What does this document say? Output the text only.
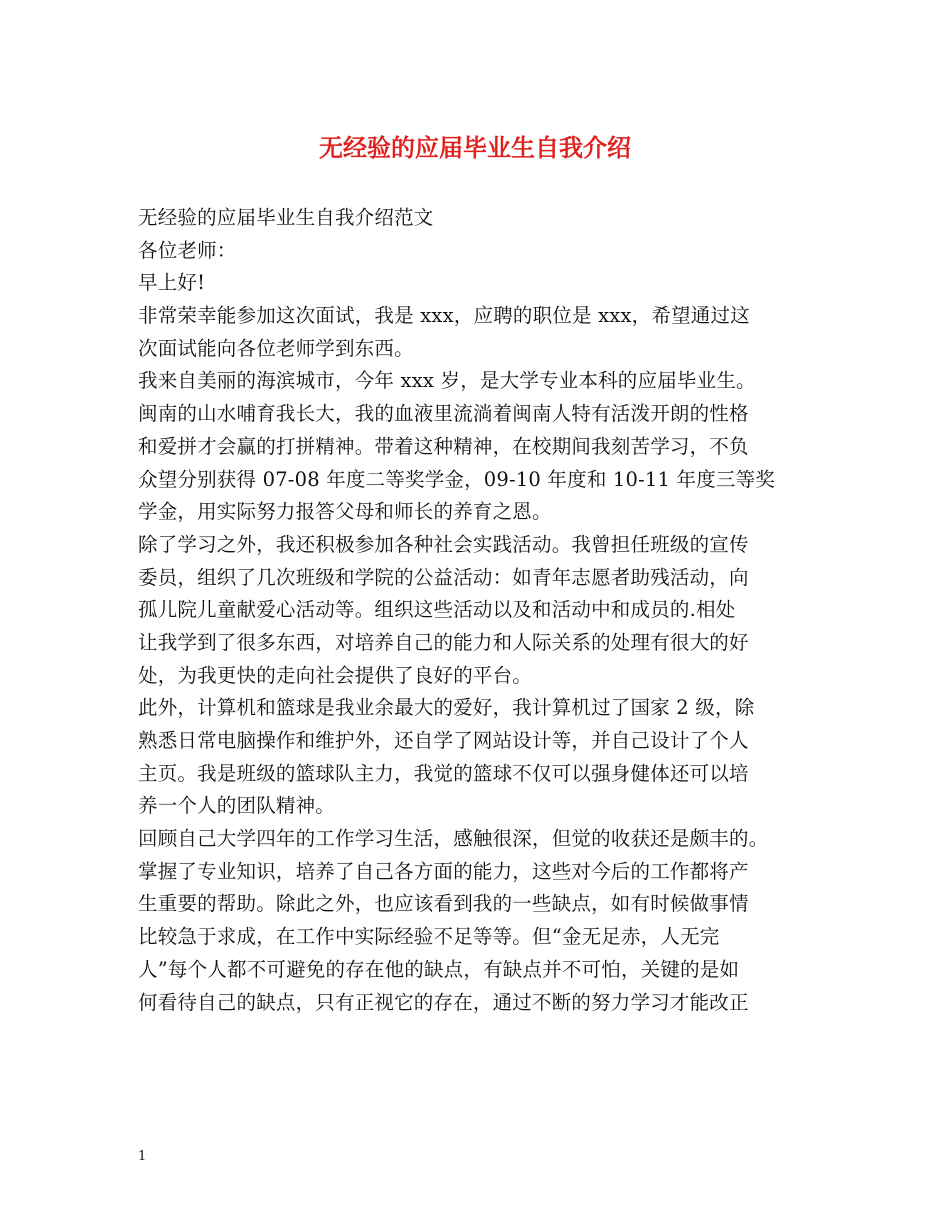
无经验的应届毕业生自我介绍
无经验的应届毕业生自我介绍范文
各位老师：
早上好!
非常荣幸能参加这次面试，我是 xxx，应聘的职位是 xxx，希望通过这
次面试能向各位老师学到东西。
我来自美丽的海滨城市，今年 xxx 岁，是大学专业本科的应届毕业生。
闽南的山水哺育我长大，我的血液里流淌着闽南人特有活泼开朗的性格
和爱拼才会赢的打拼精神。带着这种精神，在校期间我刻苦学习，不负
众望分别获得 07-08 年度二等奖学金，09-10 年度和 10-11 年度三等奖
学金，用实际努力报答父母和师长的养育之恩。
除了学习之外，我还积极参加各种社会实践活动。我曾担任班级的宣传
委员，组织了几次班级和学院的公益活动：如青年志愿者助残活动，向
孤儿院儿童献爱心活动等。组织这些活动以及和活动中和成员的.相处
让我学到了很多东西，对培养自己的能力和人际关系的处理有很大的好
处，为我更快的走向社会提供了良好的平台。
此外，计算机和篮球是我业余最大的爱好，我计算机过了国家 2 级，除
熟悉日常电脑操作和维护外，还自学了网站设计等，并自己设计了个人
主页。我是班级的篮球队主力，我觉的篮球不仅可以强身健体还可以培
养一个人的团队精神。
回顾自己大学四年的工作学习生活，感触很深，但觉的收获还是颇丰的。
掌握了专业知识，培养了自己各方面的能力，这些对今后的工作都将产
生重要的帮助。除此之外，也应该看到我的一些缺点，如有时候做事情
比较急于求成，在工作中实际经验不足等等。但“金无足赤，人无完
人”每个人都不可避免的存在他的缺点，有缺点并不可怕，关键的是如
何看待自己的缺点，只有正视它的存在，通过不断的努力学习才能改正
1
